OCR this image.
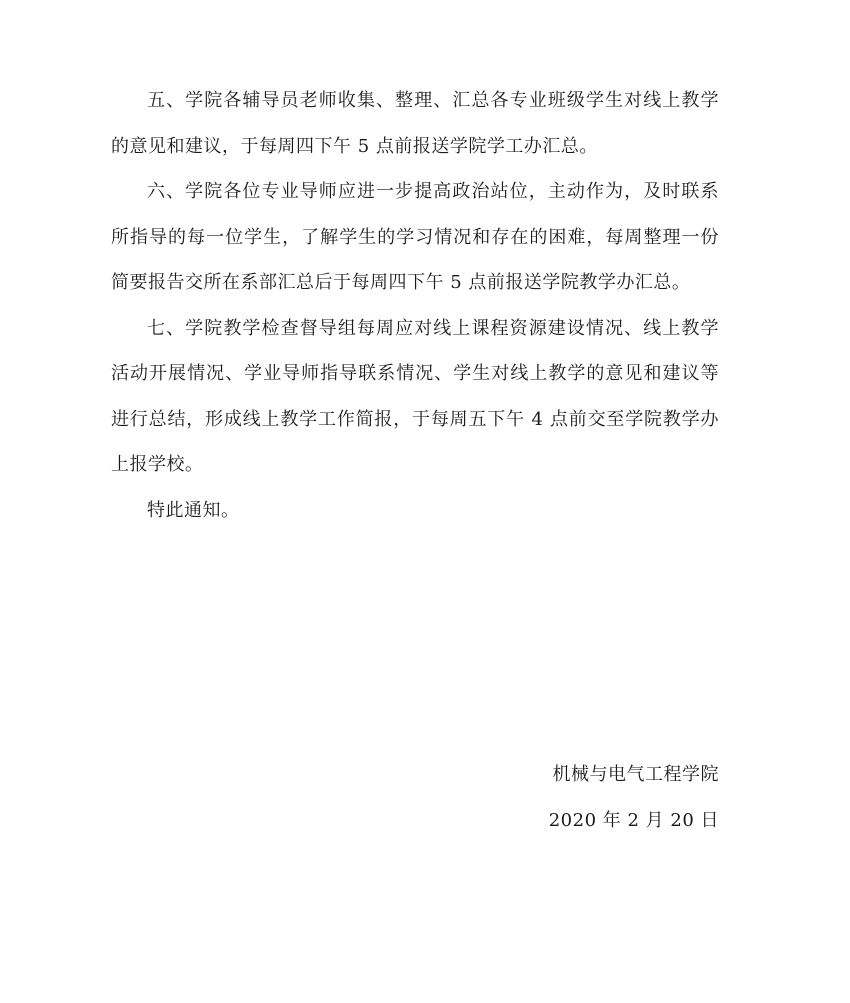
五、学院各辅导员老师收集、整理、汇总各专业班级学生对线上教学的意见和建议，于每周四下午 5 点前报送学院学工办汇总。

六、学院各位专业导师应进一步提高政治站位，主动作为，及时联系所指导的每一位学生，了解学生的学习情况和存在的困难，每周整理一份简要报告交所在系部汇总后于每周四下午 5 点前报送学院教学办汇总。

七、学院教学检查督导组每周应对线上课程资源建设情况、线上教学活动开展情况、学业导师指导联系情况、学生对线上教学的意见和建议等进行总结，形成线上教学工作简报，于每周五下午 4 点前交至学院教学办上报学校。

特此通知。

机械与电气工程学院
2020 年 2 月 20 日
